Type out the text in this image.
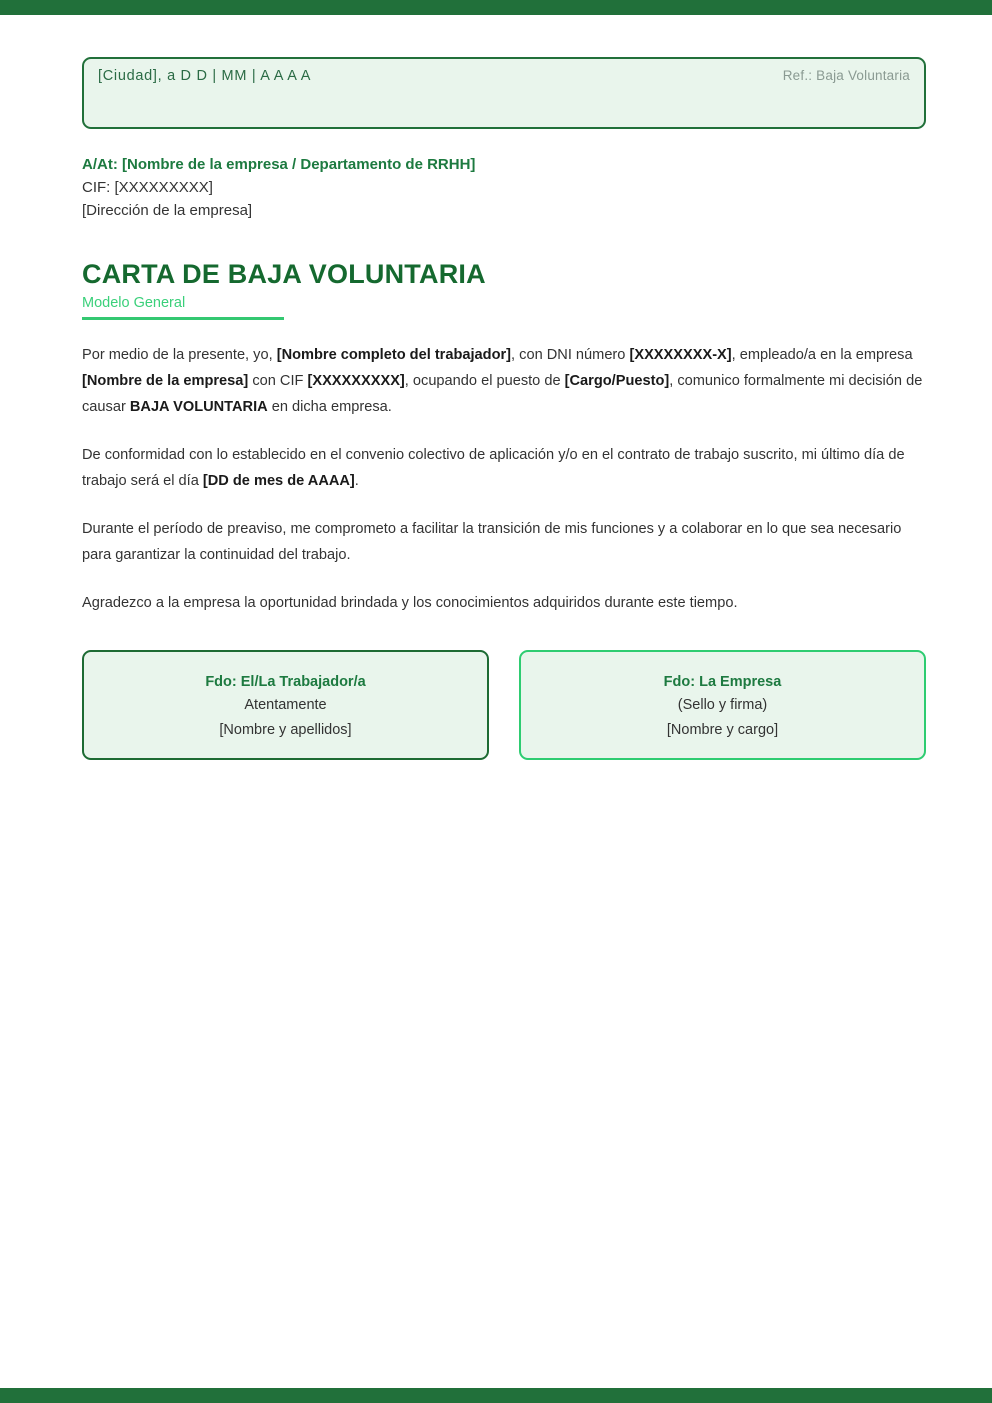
[Ciudad], a D D | MM | A A A A	Ref.: Baja Voluntaria
A/At: [Nombre de la empresa / Departamento de RRHH]
CIF: [XXXXXXXXX]
[Dirección de la empresa]
CARTA DE BAJA VOLUNTARIA
Modelo General

Por medio de la presente, yo, [Nombre completo del trabajador], con DNI número [XXXXXXXX-X], empleado/a en la empresa [Nombre de la empresa] con CIF [XXXXXXXXX], ocupando el puesto de [Cargo/Puesto], comunico formalmente mi decisión de causar BAJA VOLUNTARIA en dicha empresa.

De conformidad con lo establecido en el convenio colectivo de aplicación y/o en el contrato de trabajo suscrito, mi último día de trabajo será el día [DD de mes de AAAA].

Durante el período de preaviso, me comprometo a facilitar la transición de mis funciones y a colaborar en lo que sea necesario para garantizar la continuidad del trabajo.

Agradezco a la empresa la oportunidad brindada y los conocimientos adquiridos durante este tiempo.

Fdo: El/La Trabajador/a
Atentamente
[Nombre y apellidos]
Fdo: La Empresa
(Sello y firma)
[Nombre y cargo]
